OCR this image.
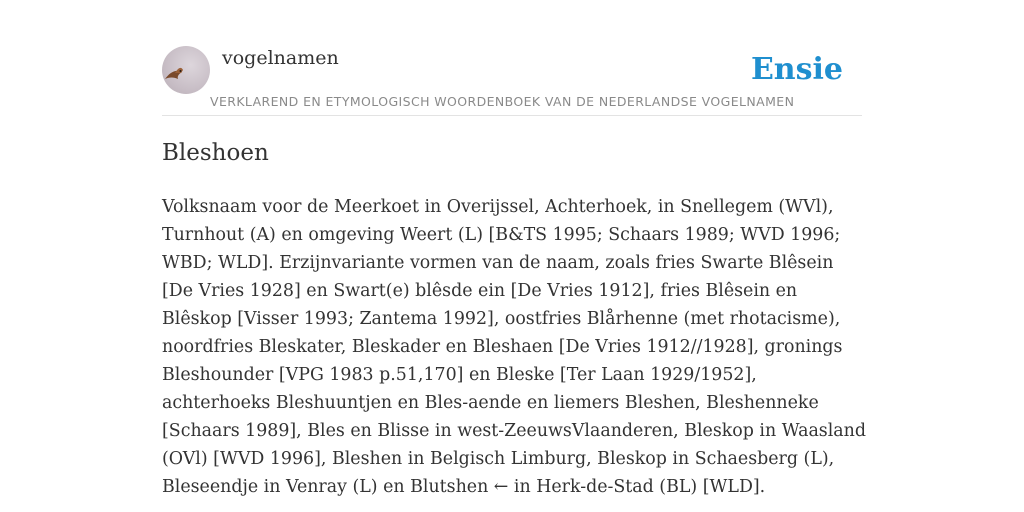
vogelnamen
VERKLAREND EN ETYMOLOGISCH WOORDENBOEK VAN DE NEDERLANDSE VOGELNAMEN
Ensie
Bleshoen

Volksnaam voor de Meerkoet in Overijssel, Achterhoek, in Snellegem (WVl), Turnhout (A) en omgeving Weert (L) [B&TS 1995; Schaars 1989; WVD 1996; WBD; WLD]. Erzijnvariante vormen van de naam, zoals fries Swarte Blêsein [De Vries 1928] en Swart(e) blêsde ein [De Vries 1912], fries Blêsein en Blêskop [Visser 1993; Zantema 1992], oostfries Blårhenne (met rhotacisme), noordfries Bleskater, Bleskader en Bleshaen [De Vries 1912//1928], gronings Bleshounder [VPG 1983 p.51,170] en Bleske [Ter Laan 1929/1952], achterhoeks Bleshuuntjen en Bles-aende en liemers Bleshen, Bleshenneke [Schaars 1989], Bles en Blisse in west-ZeeuwsVlaanderen, Bleskop in Waasland (OVl) [WVD 1996], Bleshen in Belgisch Limburg, Bleskop in Schaesberg (L), Bleseendje in Venray (L) en Blutshen ← in Herk-de-Stad (BL) [WLD].
